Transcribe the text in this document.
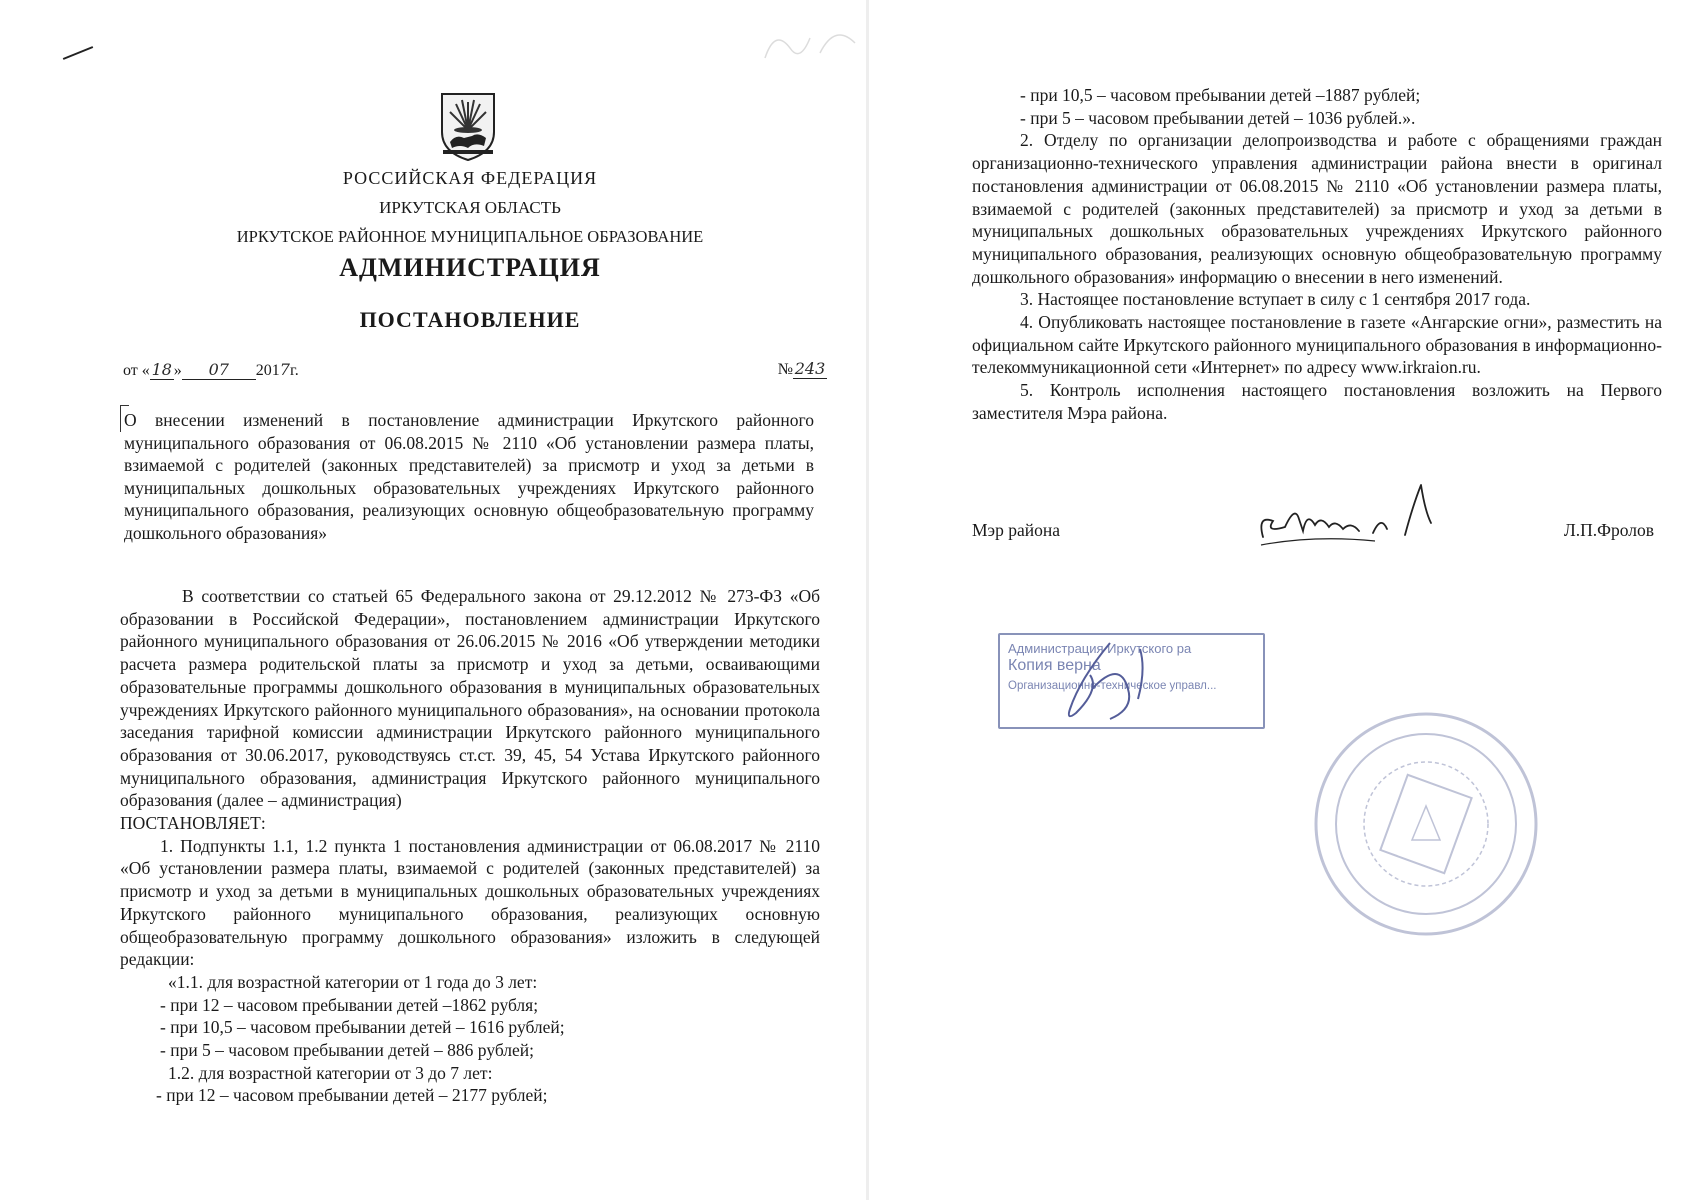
РОССИЙСКАЯ ФЕДЕРАЦИЯ
ИРКУТСКАЯ ОБЛАСТЬ
ИРКУТСКОЕ РАЙОННОЕ МУНИЦИПАЛЬНОЕ ОБРАЗОВАНИЕ
АДМИНИСТРАЦИЯ
ПОСТАНОВЛЕНИЕ
от « 18 » 07 2017г.	№ 243
О внесении изменений в постановление администрации Иркутского районного муниципального образования от 06.08.2015 № 2110 «Об установлении размера платы, взимаемой с родителей (законных представителей) за присмотр и уход за детьми в муниципальных дошкольных образовательных учреждениях Иркутского районного муниципального образования, реализующих основную общеобразовательную программу дошкольного образования»

В соответствии со статьей 65 Федерального закона от 29.12.2012 № 273-ФЗ «Об образовании в Российской Федерации», постановлением администрации Иркутского районного муниципального образования от 26.06.2015 № 2016 «Об утверждении методики расчета размера родительской платы за присмотр и уход за детьми, осваивающими образовательные программы дошкольного образования в муниципальных образовательных учреждениях Иркутского районного муниципального образования», на основании протокола заседания тарифной комиссии администрации Иркутского районного муниципального образования от 30.06.2017, руководствуясь ст.ст. 39, 45, 54 Устава Иркутского районного муниципального образования, администрация Иркутского районного муниципального образования (далее – администрация)

ПОСТАНОВЛЯЕТ:

1. Подпункты 1.1, 1.2 пункта 1 постановления администрации от 06.08.2017 № 2110 «Об установлении размера платы, взимаемой с родителей (законных представителей) за присмотр и уход за детьми в муниципальных дошкольных образовательных учреждениях Иркутского районного муниципального образования, реализующих основную общеобразовательную программу дошкольного образования» изложить в следующей редакции:

«1.1. для возрастной категории от 1 года до 3 лет:

- при 12 – часовом пребывании детей –1862 рубля;

- при 10,5 – часовом пребывании детей – 1616 рублей;

- при 5 – часовом пребывании детей – 886 рублей;

1.2. для возрастной категории от 3 до 7 лет:

- при 12 – часовом пребывании детей – 2177 рублей;

- при 10,5 – часовом пребывании детей –1887 рублей;

- при 5 – часовом пребывании детей – 1036 рублей.».

2. Отделу по организации делопроизводства и работе с обращениями граждан организационно-технического управления администрации района внести в оригинал постановления администрации от 06.08.2015 № 2110 «Об установлении размера платы, взимаемой с родителей (законных представителей) за присмотр и уход за детьми в муниципальных дошкольных образовательных учреждениях Иркутского районного муниципального образования, реализующих основную общеобразовательную программу дошкольного образования» информацию о внесении в него изменений.

3. Настоящее постановление вступает в силу с 1 сентября 2017 года.

4. Опубликовать настоящее постановление в газете «Ангарские огни», разместить на официальном сайте Иркутского районного муниципального образования в информационно-телекоммуникационной сети «Интернет» по адресу www.irkraion.ru.

5. Контроль исполнения настоящего постановления возложить на Первого заместителя Мэра района.

Мэр района	Л.П.Фролов
Администрация Иркутского ра
Копия верна
Организационно-техническое управл...
